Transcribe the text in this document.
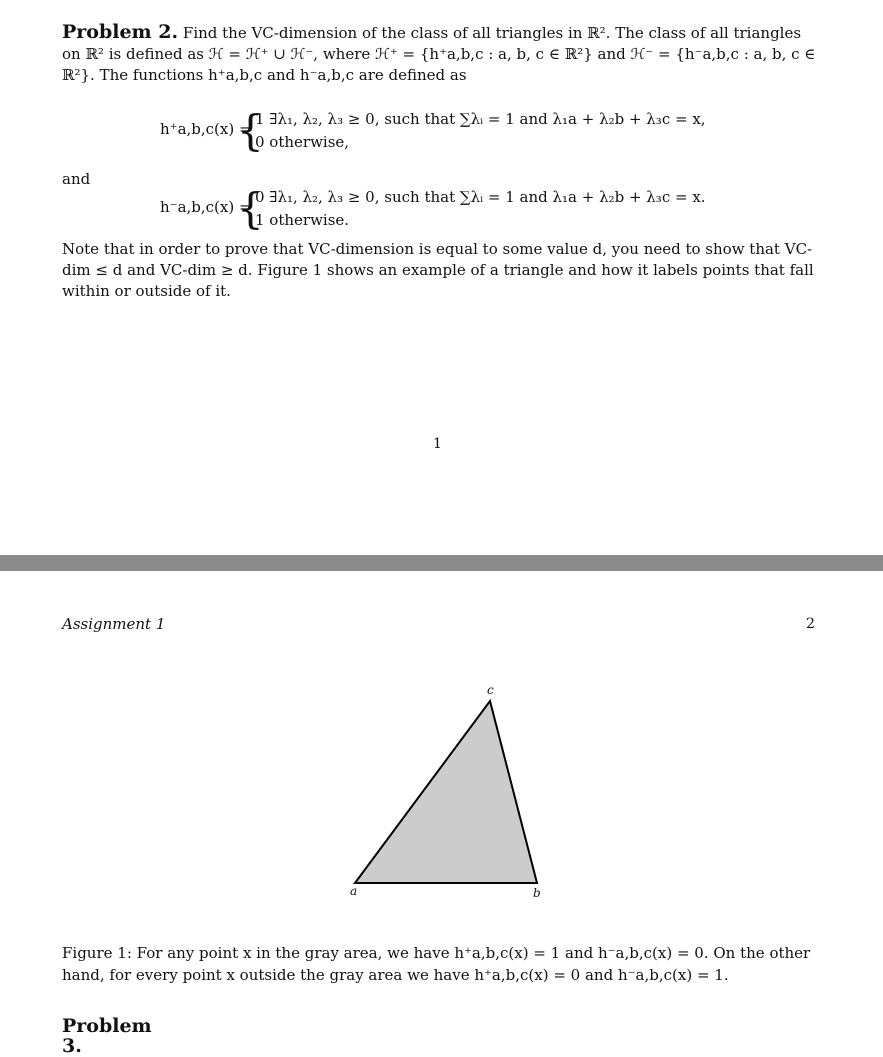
Problem 2. Find the VC-dimension of the class of all triangles in ℝ². The class of all triangles on ℝ² is defined as ℋ = ℋ⁺ ∪ ℋ⁻, where ℋ⁺ = {h⁺a,b,c : a, b, c ∈ ℝ²} and ℋ⁻ = {h⁻a,b,c : a, b, c ∈ ℝ²}. The functions h⁺a,b,c and h⁻a,b,c are defined as
h⁺a,b,c(x) =
{
1 ∃λ₁, λ₂, λ₃ ≥ 0, such that ∑λᵢ = 1 and λ₁a + λ₂b + λ₃c = x,
0 otherwise,
and
h⁻a,b,c(x) =
{
0 ∃λ₁, λ₂, λ₃ ≥ 0, such that ∑λᵢ = 1 and λ₁a + λ₂b + λ₃c = x.
1 otherwise.
Note that in order to prove that VC-dimension is equal to some value d, you need to show that VC-dim ≤ d and VC-dim ≥ d. Figure 1 shows an example of a triangle and how it labels points that fall within or outside of it.
1
Assignment 1	2
c
a	b
Figure 1: For any point x in the gray area, we have h⁺a,b,c(x) = 1 and h⁻a,b,c(x) = 0. On the other hand, for every point x outside the gray area we have h⁺a,b,c(x) = 0 and h⁻a,b,c(x) = 1.
Problem 3.
